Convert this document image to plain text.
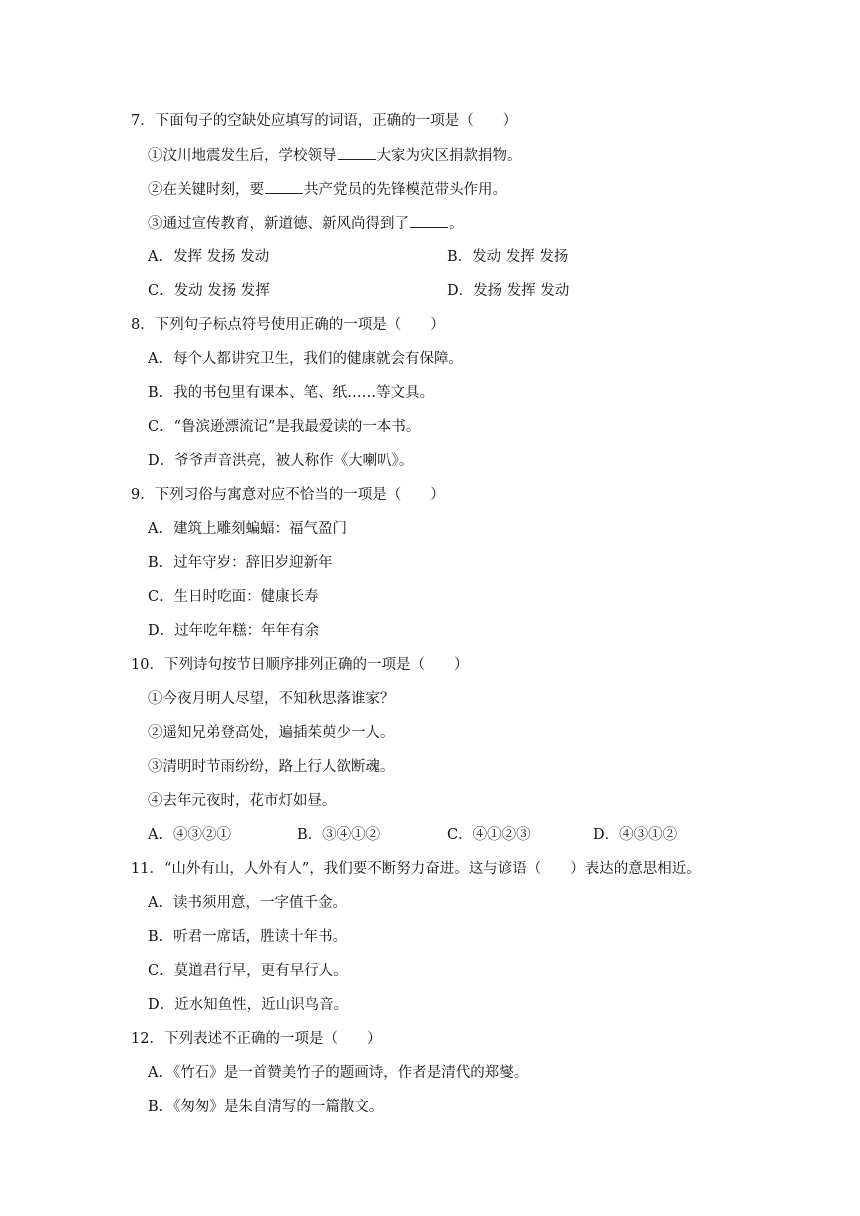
7．下面句子的空缺处应填写的词语，正确的一项是（　　）
①汶川地震发生后，学校领导	大家为灾区捐款捐物。
②在关键时刻，要	共产党员的先锋模范带头作用。
③通过宣传教育，新道德、新风尚得到了	。
A．发挥 发扬 发动	B．发动 发挥 发扬
C．发动 发扬 发挥	D．发扬 发挥 发动
8．下列句子标点符号使用正确的一项是（　　）
A．每个人都讲究卫生，我们的健康就会有保障。
B．我的书包里有课本、笔、纸……等文具。
C．“鲁滨逊漂流记”是我最爱读的一本书。
D．爷爷声音洪亮，被人称作《大喇叭》。
9．下列习俗与寓意对应不恰当的一项是（　　）
A．建筑上雕刻蝙蝠：福气盈门
B．过年守岁：辞旧岁迎新年
C．生日时吃面：健康长寿
D．过年吃年糕：年年有余
10．下列诗句按节日顺序排列正确的一项是（　　）
①今夜月明人尽望，不知秋思落谁家？
②遥知兄弟登高处，遍插茱萸少一人。
③清明时节雨纷纷，路上行人欲断魂。
④去年元夜时，花市灯如昼。
A．④③②①	B．③④①②	C．④①②③	D．④③①②
11．“山外有山，人外有人”，我们要不断努力奋进。这与谚语（　　）表达的意思相近。
A．读书须用意，一字值千金。
B．听君一席话，胜读十年书。
C．莫道君行早，更有早行人。
D．近水知鱼性，近山识鸟音。
12．下列表述不正确的一项是（　　）
A．《竹石》是一首赞美竹子的题画诗，作者是清代的郑燮。
B．《匆匆》是朱自清写的一篇散文。
